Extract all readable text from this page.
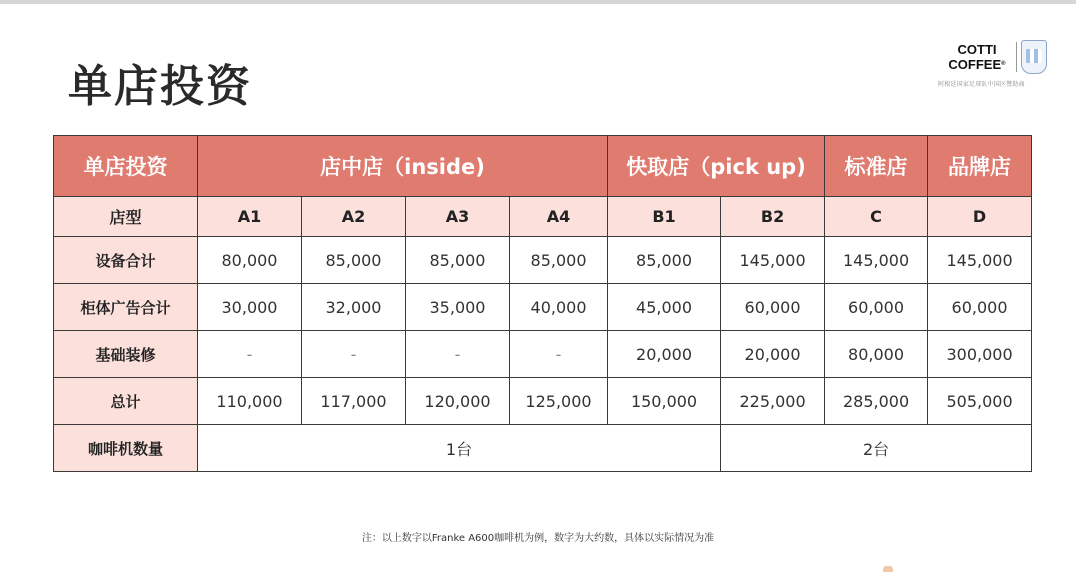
单店投资
COTTI
COFFEE®
阿根廷国家足球队中国区赞助商
单店投资	店中店（inside)				快取店（pick up)		标准店	品牌店
店型	A1	A2	A3	A4	B1	B2	C	D
设备合计	80,000	85,000	85,000	85,000	85,000	145,000	145,000	145,000
柜体广告合计	30,000	32,000	35,000	40,000	45,000	60,000	60,000	60,000
基础装修	-	-	-	-	20,000	20,000	80,000	300,000
总计	110,000	117,000	120,000	125,000	150,000	225,000	285,000	505,000
咖啡机数量	1台					2台		
注：以上数字以Franke A600咖啡机为例，数字为大约数，具体以实际情况为准
